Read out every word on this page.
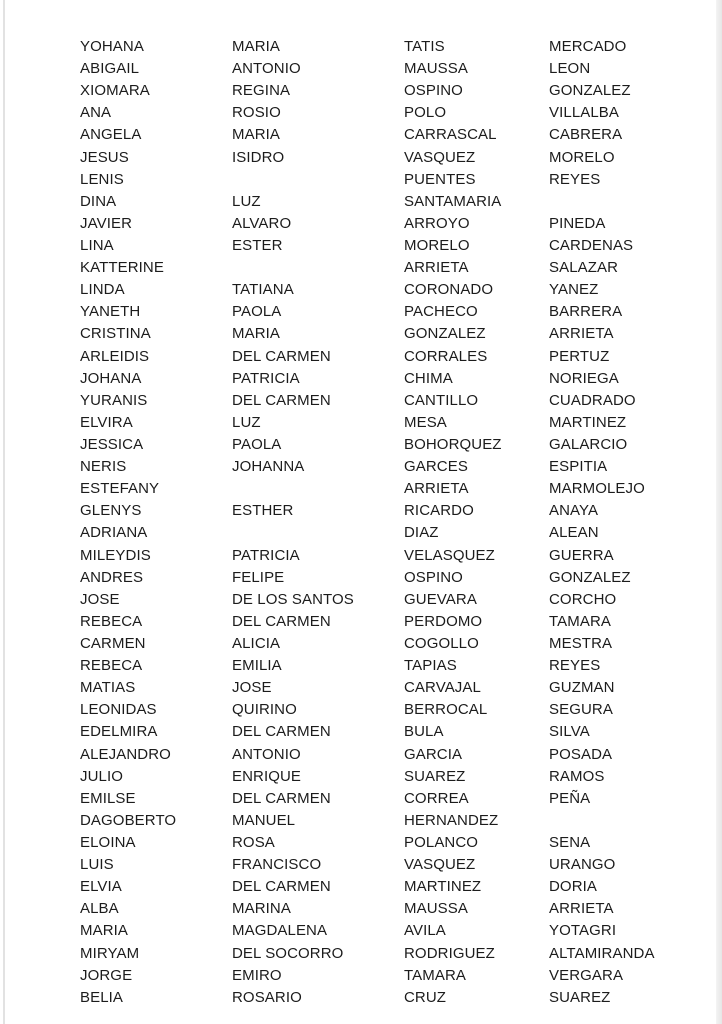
YOHANA	MARIA	TATIS	MERCADO
ABIGAIL	ANTONIO	MAUSSA	LEON
XIOMARA	REGINA	OSPINO	GONZALEZ
ANA	ROSIO	POLO	VILLALBA
ANGELA	MARIA	CARRASCAL	CABRERA
JESUS	ISIDRO	VASQUEZ	MORELO
LENIS		PUENTES	REYES
DINA	LUZ	SANTAMARIA	
JAVIER	ALVARO	ARROYO	PINEDA
LINA	ESTER	MORELO	CARDENAS
KATTERINE		ARRIETA	SALAZAR
LINDA	TATIANA	CORONADO	YANEZ
YANETH	PAOLA	PACHECO	BARRERA
CRISTINA	MARIA	GONZALEZ	ARRIETA
ARLEIDIS	DEL CARMEN	CORRALES	PERTUZ
JOHANA	PATRICIA	CHIMA	NORIEGA
YURANIS	DEL CARMEN	CANTILLO	CUADRADO
ELVIRA	LUZ	MESA	MARTINEZ
JESSICA	PAOLA	BOHORQUEZ	GALARCIO
NERIS	JOHANNA	GARCES	ESPITIA
ESTEFANY		ARRIETA	MARMOLEJO
GLENYS	ESTHER	RICARDO	ANAYA
ADRIANA		DIAZ	ALEAN
MILEYDIS	PATRICIA	VELASQUEZ	GUERRA
ANDRES	FELIPE	OSPINO	GONZALEZ
JOSE	DE LOS SANTOS	GUEVARA	CORCHO
REBECA	DEL CARMEN	PERDOMO	TAMARA
CARMEN	ALICIA	COGOLLO	MESTRA
REBECA	EMILIA	TAPIAS	REYES
MATIAS	JOSE	CARVAJAL	GUZMAN
LEONIDAS	QUIRINO	BERROCAL	SEGURA
EDELMIRA	DEL CARMEN	BULA	SILVA
ALEJANDRO	ANTONIO	GARCIA	POSADA
JULIO	ENRIQUE	SUAREZ	RAMOS
EMILSE	DEL CARMEN	CORREA	PEÑA
DAGOBERTO	MANUEL	HERNANDEZ	
ELOINA	ROSA	POLANCO	SENA
LUIS	FRANCISCO	VASQUEZ	URANGO
ELVIA	DEL CARMEN	MARTINEZ	DORIA
ALBA	MARINA	MAUSSA	ARRIETA
MARIA	MAGDALENA	AVILA	YOTAGRI
MIRYAM	DEL SOCORRO	RODRIGUEZ	ALTAMIRANDA
JORGE	EMIRO	TAMARA	VERGARA
BELIA	ROSARIO	CRUZ	SUAREZ
